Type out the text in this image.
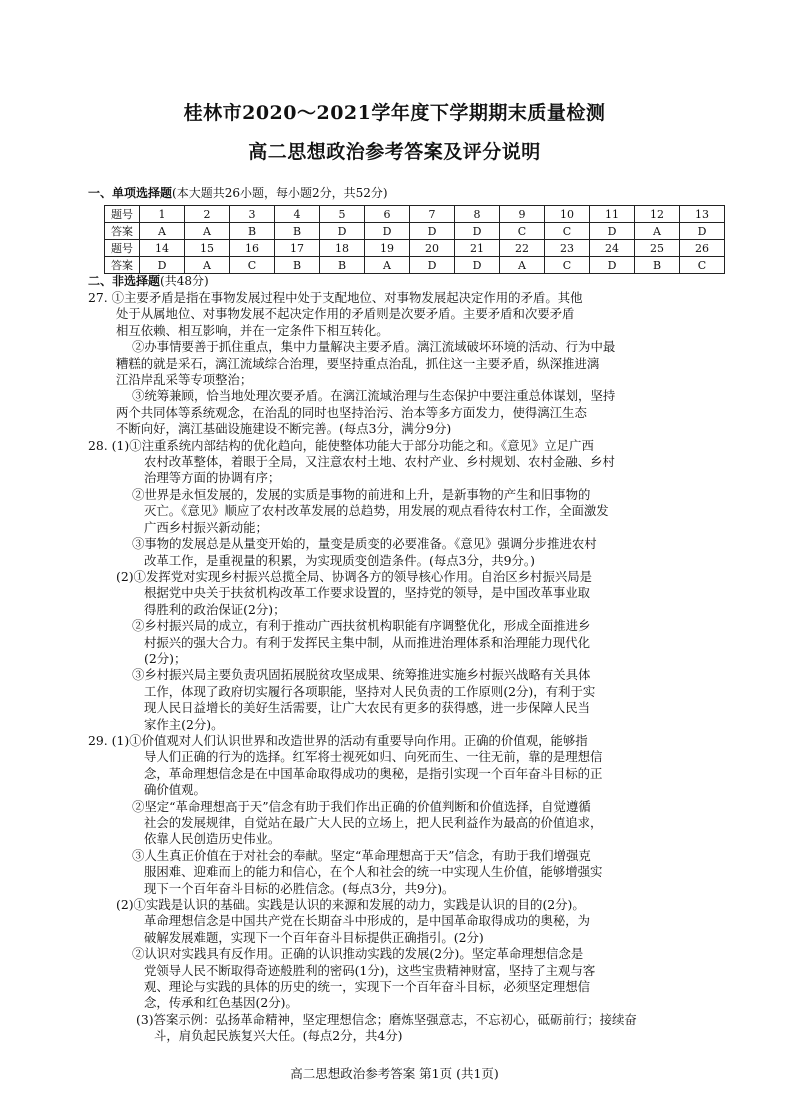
桂林市2020～2021学年度下学期期末质量检测
高二思想政治参考答案及评分说明
一、单项选择题(本大题共26小题，每小题2分，共52分)
题号	1	2	3	4	5	6	7	8	9	10	11	12	13
答案	A	A	B	B	D	D	D	D	C	C	D	A	D
题号	14	15	16	17	18	19	20	21	22	23	24	25	26
答案	D	A	C	B	B	A	D	D	A	C	D	B	C
二、非选择题(共48分)

27. ①主要矛盾是指在事物发展过程中处于支配地位、对事物发展起决定作用的矛盾。其他

处于从属地位、对事物发展不起决定作用的矛盾则是次要矛盾。主要矛盾和次要矛盾

相互依赖、相互影响，并在一定条件下相互转化。

②办事情要善于抓住重点，集中力量解决主要矛盾。漓江流域破坏环境的活动、行为中最

糟糕的就是采石，漓江流域综合治理，要坚持重点治乱，抓住这一主要矛盾，纵深推进漓

江沿岸乱采等专项整治；

③统筹兼顾，恰当地处理次要矛盾。在漓江流域治理与生态保护中要注重总体谋划，坚持

两个共同体等系统观念，在治乱的同时也坚持治污、治本等多方面发力，使得漓江生态

不断向好，漓江基础设施建设不断完善。(每点3分，满分9分)

28. (1)①注重系统内部结构的优化趋向，能使整体功能大于部分功能之和。《意见》立足广西

农村改革整体，着眼于全局，又注意农村土地、农村产业、乡村规划、农村金融、乡村

治理等方面的协调有序；

②世界是永恒发展的，发展的实质是事物的前进和上升，是新事物的产生和旧事物的

灭亡。《意见》顺应了农村改革发展的总趋势，用发展的观点看待农村工作，全面激发

广西乡村振兴新动能；

③事物的发展总是从量变开始的，量变是质变的必要准备。《意见》强调分步推进农村

改革工作，是重视量的积累，为实现质变创造条件。(每点3分，共9分。)

(2)①发挥党对实现乡村振兴总揽全局、协调各方的领导核心作用。自治区乡村振兴局是

根据党中央关于扶贫机构改革工作要求设置的，坚持党的领导，是中国改革事业取

得胜利的政治保证(2分)；

②乡村振兴局的成立，有利于推动广西扶贫机构职能有序调整优化，形成全面推进乡

村振兴的强大合力。有利于发挥民主集中制，从而推进治理体系和治理能力现代化

(2分)；

③乡村振兴局主要负责巩固拓展脱贫攻坚成果、统筹推进实施乡村振兴战略有关具体

工作，体现了政府切实履行各项职能，坚持对人民负责的工作原则(2分)，有利于实

现人民日益增长的美好生活需要，让广大农民有更多的获得感，进一步保障人民当

家作主(2分)。

29. (1)①价值观对人们认识世界和改造世界的活动有重要导向作用。正确的价值观，能够指

导人们正确的行为的选择。红军将士视死如归、向死而生、一往无前，靠的是理想信

念，革命理想信念是在中国革命取得成功的奥秘，是指引实现一个百年奋斗目标的正

确价值观。

②坚定“革命理想高于天”信念有助于我们作出正确的价值判断和价值选择，自觉遵循

社会的发展规律，自觉站在最广大人民的立场上，把人民利益作为最高的价值追求，

依靠人民创造历史伟业。

③人生真正价值在于对社会的奉献。坚定“革命理想高于天”信念，有助于我们增强克

服困难、迎难而上的能力和信心，在个人和社会的统一中实现人生价值，能够增强实

现下一个百年奋斗目标的必胜信念。(每点3分，共9分)。

(2)①实践是认识的基础。实践是认识的来源和发展的动力，实践是认识的目的(2分)。

革命理想信念是中国共产党在长期奋斗中形成的，是中国革命取得成功的奥秘，为

破解发展难题，实现下一个百年奋斗目标提供正确指引。(2分)

②认识对实践具有反作用。正确的认识推动实践的发展(2分)。坚定革命理想信念是

党领导人民不断取得奇迹般胜利的密码(1分)，这些宝贵精神财富，坚持了主观与客

观、理论与实践的具体的历史的统一，实现下一个百年奋斗目标，必须坚定理想信

念，传承和红色基因(2分)。

(3)答案示例：弘扬革命精神，坚定理想信念；磨炼坚强意志，不忘初心，砥砺前行；接续奋

斗，肩负起民族复兴大任。(每点2分，共4分)

高二思想政治参考答案 第1页 (共1页)
